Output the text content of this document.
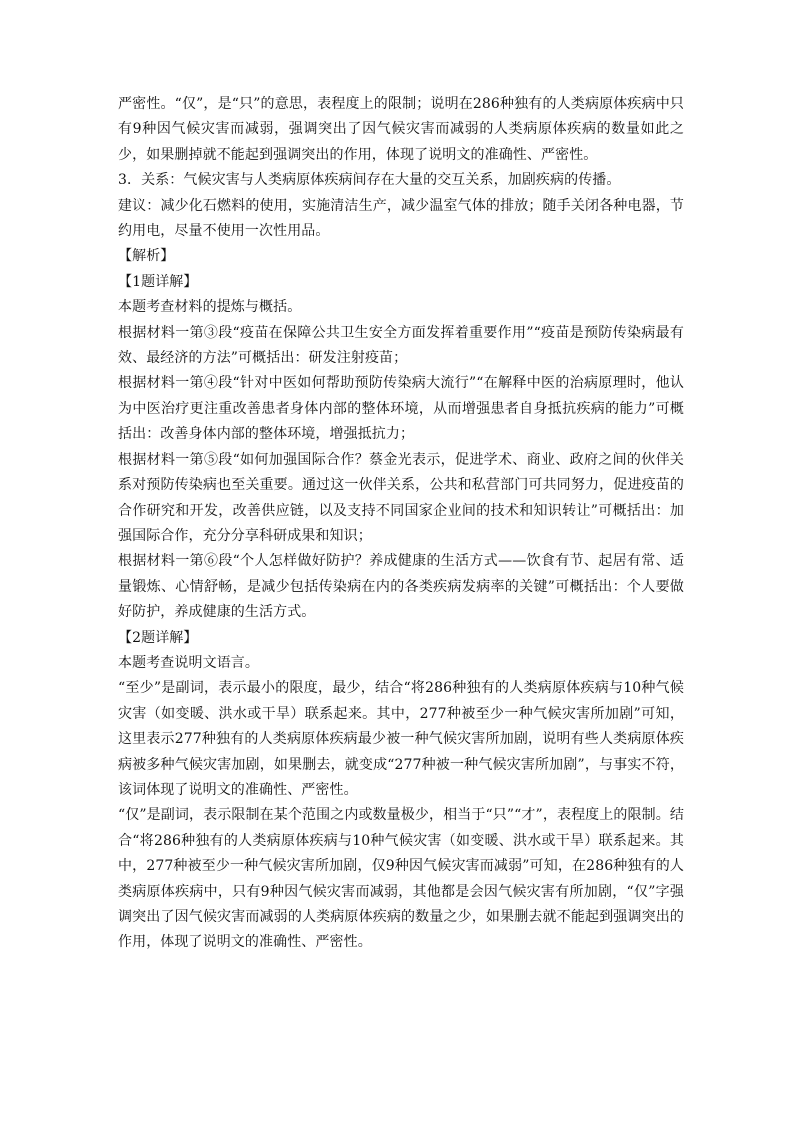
严密性。“仅”，是“只”的意思，表程度上的限制；说明在286种独有的人类病原体疾病中只有9种因气候灾害而减弱，强调突出了因气候灾害而减弱的人类病原体疾病的数量如此之少，如果删掉就不能起到强调突出的作用，体现了说明文的准确性、严密性。

3．关系：气候灾害与人类病原体疾病间存在大量的交互关系，加剧疾病的传播。

建议：减少化石燃料的使用，实施清洁生产，减少温室气体的排放；随手关闭各种电器，节约用电，尽量不使用一次性用品。

【解析】

【1题详解】

本题考查材料的提炼与概括。

根据材料一第③段“疫苗在保障公共卫生安全方面发挥着重要作用”“疫苗是预防传染病最有效、最经济的方法”可概括出：研发注射疫苗；

根据材料一第④段“针对中医如何帮助预防传染病大流行”“在解释中医的治病原理时，他认为中医治疗更注重改善患者身体内部的整体环境，从而增强患者自身抵抗疾病的能力”可概括出：改善身体内部的整体环境，增强抵抗力；

根据材料一第⑤段“如何加强国际合作？蔡金光表示，促进学术、商业、政府之间的伙伴关系对预防传染病也至关重要。通过这一伙伴关系，公共和私营部门可共同努力，促进疫苗的合作研究和开发，改善供应链，以及支持不同国家企业间的技术和知识转让”可概括出：加强国际合作，充分分享科研成果和知识；

根据材料一第⑥段“个人怎样做好防护？养成健康的生活方式——饮食有节、起居有常、适量锻炼、心情舒畅，是减少包括传染病在内的各类疾病发病率的关键”可概括出：个人要做好防护，养成健康的生活方式。

【2题详解】

本题考查说明文语言。

“至少”是副词，表示最小的限度，最少，结合“将286种独有的人类病原体疾病与10种气候灾害（如变暖、洪水或干旱）联系起来。其中，277种被至少一种气候灾害所加剧”可知，这里表示277种独有的人类病原体疾病最少被一种气候灾害所加剧，说明有些人类病原体疾病被多种气候灾害加剧，如果删去，就变成“277种被一种气候灾害所加剧”，与事实不符，该词体现了说明文的准确性、严密性。

“仅”是副词，表示限制在某个范围之内或数量极少，相当于“只”“才”，表程度上的限制。结合“将286种独有的人类病原体疾病与10种气候灾害（如变暖、洪水或干旱）联系起来。其中，277种被至少一种气候灾害所加剧，仅9种因气候灾害而减弱”可知，在286种独有的人类病原体疾病中，只有9种因气候灾害而减弱，其他都是会因气候灾害有所加剧，“仅”字强调突出了因气候灾害而减弱的人类病原体疾病的数量之少，如果删去就不能起到强调突出的作用，体现了说明文的准确性、严密性。
